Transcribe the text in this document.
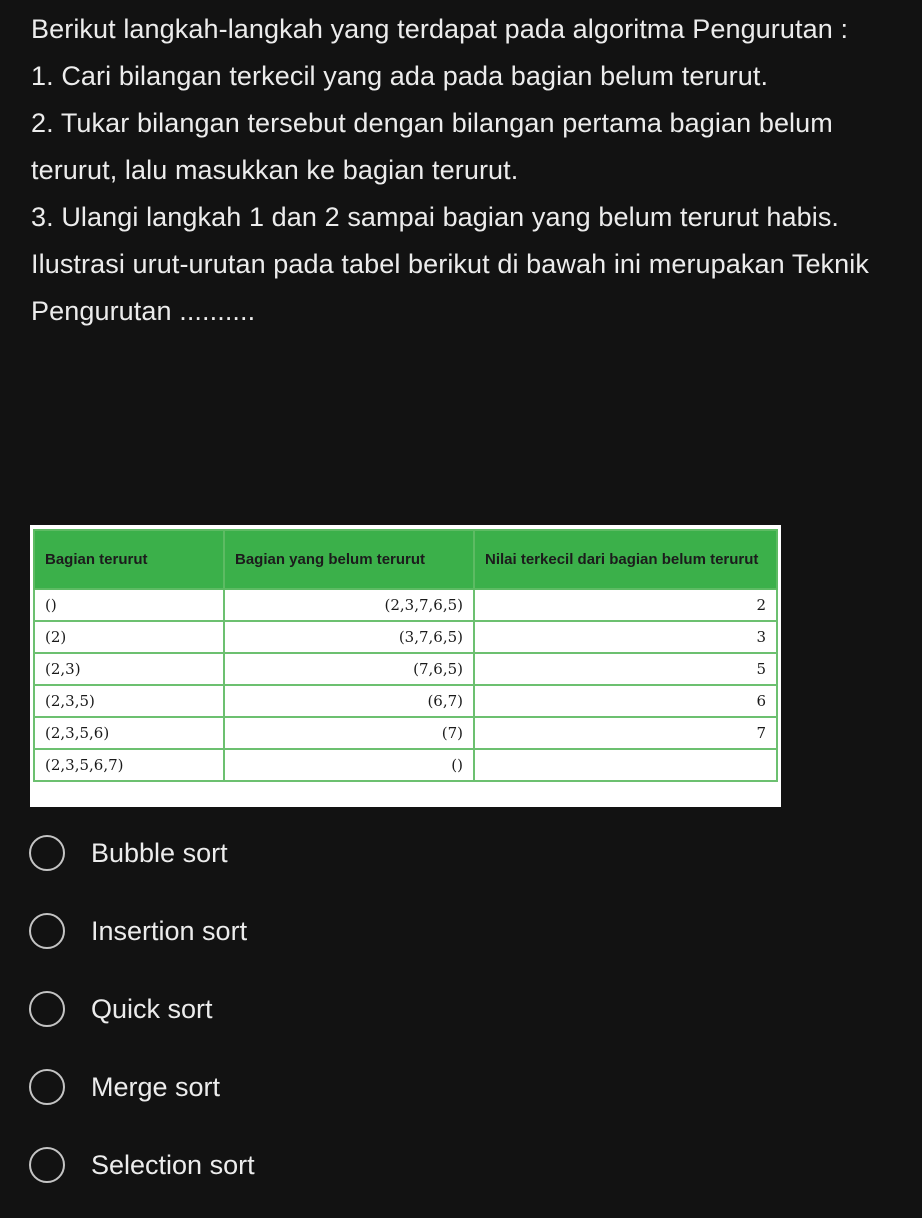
Berikut langkah-langkah yang terdapat pada algoritma Pengurutan :

1. Cari bilangan terkecil yang ada pada bagian belum terurut.

2. Tukar bilangan tersebut dengan bilangan pertama bagian belum terurut, lalu masukkan ke bagian terurut.

3. Ulangi langkah 1 dan 2 sampai bagian yang belum terurut habis.

Ilustrasi urut-urutan pada tabel berikut di bawah ini merupakan Teknik Pengurutan ..........

Bagian terurut	Bagian yang belum terurut	Nilai terkecil dari bagian belum terurut
()	(2,3,7,6,5)	2
(2)	(3,7,6,5)	3
(2,3)	(7,6,5)	5
(2,3,5)	(6,7)	6
(2,3,5,6)	(7)	7
(2,3,5,6,7)	()	
Bubble sort
Insertion sort
Quick sort
Merge sort
Selection sort
